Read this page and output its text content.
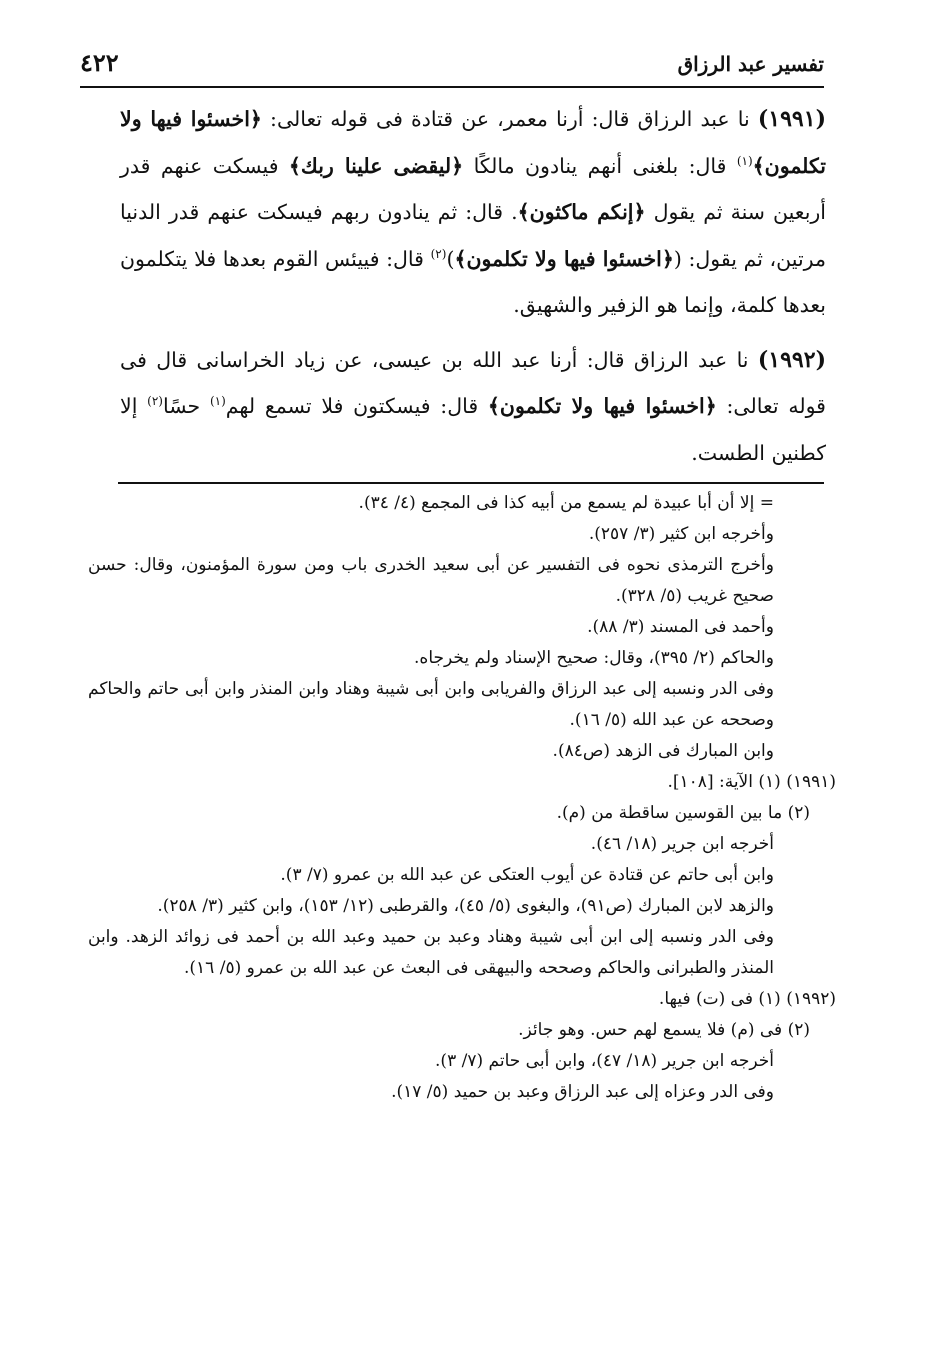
تفسير عبد الرزاق
٤٢٢

(١٩٩١) نا عبد الرزاق قال: أرنا معمر، عن قتادة فى قوله تعالى: ﴿اخسئوا فيها ولا تكلمون﴾$^{(١)}$ قال: بلغنى أنهم ينادون مالكًا ﴿ليقضى علينا ربك﴾ فيسكت عنهم قدر أربعين سنة ثم يقول ﴿إنكم ماكثون﴾. قال: ثم ينادون ربهم فيسكت عنهم قدر الدنيا مرتين، ثم يقول: (﴿اخسئوا فيها ولا تكلمون﴾)$^{(٢)}$ قال: فييئس القوم بعدها فلا يتكلمون بعدها كلمة، وإنما هو الزفير والشهيق.

(١٩٩٢) نا عبد الرزاق قال: أرنا عبد الله بن عيسى، عن زياد الخراسانى قال فى قوله تعالى: ﴿اخسئوا فيها ولا تكلمون﴾ قال: فيسكتون فلا تسمع لهم$^{(١)}$ حسًا$^{(٢)}$ إلا كطنين الطست.

= إلا أن أبا عبيدة لم يسمع من أبيه كذا فى المجمع (٤/ ٣٤).

وأخرجه ابن كثير (٣/ ٢٥٧).

وأخرج الترمذى نحوه فى التفسير عن أبى سعيد الخدرى باب ومن سورة المؤمنون، وقال: حسن صحيح غريب (٥/ ٣٢٨).

وأحمد فى المسند (٣/ ٨٨).

والحاكم (٢/ ٣٩٥)، وقال: صحيح الإسناد ولم يخرجاه.

وفى الدر ونسبه إلى عبد الرزاق والفريابى وابن أبى شيبة وهناد وابن المنذر وابن أبى حاتم والحاكم وصححه عن عبد الله (٥/ ١٦).

وابن المبارك فى الزهد (ص٨٤).

(١٩٩١) (١) الآية: [١٠٨].

(٢) ما بين القوسين ساقطة من (م).

أخرجه ابن جرير (١٨/ ٤٦).

وابن أبى حاتم عن قتادة عن أيوب العتكى عن عبد الله بن عمرو (٧/ ٣).

والزهد لابن المبارك (ص٩١)، والبغوى (٥/ ٤٥)، والقرطبى (١٢/ ١٥٣)، وابن كثير (٣/ ٢٥٨).

وفى الدر ونسبه إلى ابن أبى شيبة وهناد وعبد بن حميد وعبد الله بن أحمد فى زوائد الزهد. وابن المنذر والطبرانى والحاكم وصححه والبيهقى فى البعث عن عبد الله بن عمرو (٥/ ١٦).

(١٩٩٢) (١) فى (ت) فيها.

(٢) فى (م) فلا يسمع لهم حس. وهو جائز.

أخرجه ابن جرير (١٨/ ٤٧)، وابن أبى حاتم (٧/ ٣).

وفى الدر وعزاه إلى عبد الرزاق وعبد بن حميد (٥/ ١٧).
